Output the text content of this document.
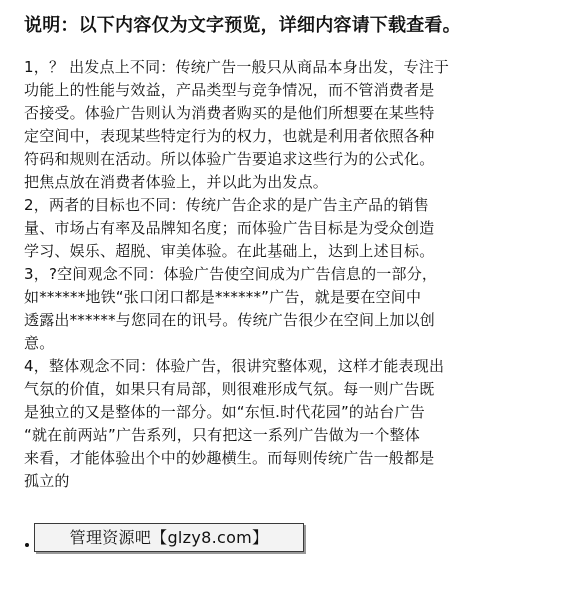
说明：以下内容仅为文字预览，详细内容请下载查看。
1，？ 出发点上不同：传统广告一般只从商品本身出发，专注于
功能上的性能与效益，产品类型与竞争情况，而不管消费者是
否接受。体验广告则认为消费者购买的是他们所想要在某些特
定空间中，表现某些特定行为的权力，也就是利用者依照各种
符码和规则在活动。所以体验广告要追求这些行为的公式化。
把焦点放在消费者体验上，并以此为出发点。
2，两者的目标也不同：传统广告企求的是广告主产品的销售
量、市场占有率及品牌知名度；而体验广告目标是为受众创造
学习、娱乐、超脱、审美体验。在此基础上，达到上述目标。
3，?空间观念不同：体验广告使空间成为广告信息的一部分，
如******地铁“张口闭口都是******”广告，就是要在空间中
透露出******与您同在的讯号。传统广告很少在空间上加以创
意。
4，整体观念不同：体验广告，很讲究整体观，这样才能表现出
气氛的价值，如果只有局部，则很难形成气氛。每一则广告既
是独立的又是整体的一部分。如“东恒.时代花园”的站台广告
“就在前两站”广告系列，只有把这一系列广告做为一个整体
来看，才能体验出个中的妙趣横生。而每则传统广告一般都是
孤立的
管理资源吧【glzy8.com】
